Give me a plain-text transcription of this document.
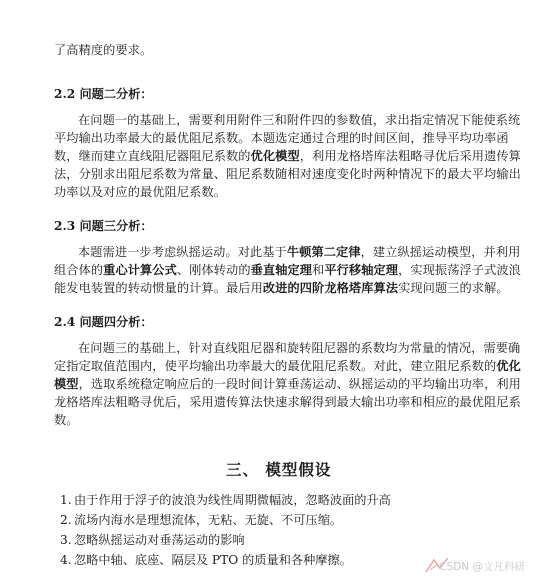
了高精度的要求。
2.2 问题二分析：
在问题一的基础上，需要利用附件三和附件四的参数值，求出指定情况下能使系统
平均输出功率最大的最优阻尼系数。本题选定通过合理的时间区间，推导平均功率函
数，继而建立直线阻尼器阻尼系数的优化模型，利用龙格塔库法粗略寻优后采用遗传算
法，分别求出阻尼系数为常量、阻尼系数随相对速度变化时两种情况下的最大平均输出
功率以及对应的最优阻尼系数。
2.3 问题三分析：
本题需进一步考虑纵摇运动。对此基于牛顿第二定律，建立纵摇运动模型，并利用
组合体的重心计算公式、刚体转动的垂直轴定理和平行移轴定理，实现振荡浮子式波浪
能发电装置的转动惯量的计算。最后用改进的四阶龙格塔库算法实现问题三的求解。
2.4 问题四分析：
在问题三的基础上，针对直线阻尼器和旋转阻尼器的系数均为常量的情况，需要确
定指定取值范围内，使平均输出功率最大的最优阻尼系数。对此，建立阻尼系数的优化
模型，选取系统稳定响应后的一段时间计算垂荡运动、纵摇运动的平均输出功率，利用
龙格塔库法粗略寻优后，采用遗传算法快速求解得到最大输出功率和相应的最优阻尼系
数。
三、 模型假设
1. 由于作用于浮子的波浪为线性周期微幅波，忽略波面的升高
2. 流场内海水是理想流体，无粘、无旋、不可压缩。
3. 忽略纵摇运动对垂荡运动的影响
4. 忽略中轴、底座、隔层及 PTO 的质量和各种摩擦。	CSDN @文凡科研
